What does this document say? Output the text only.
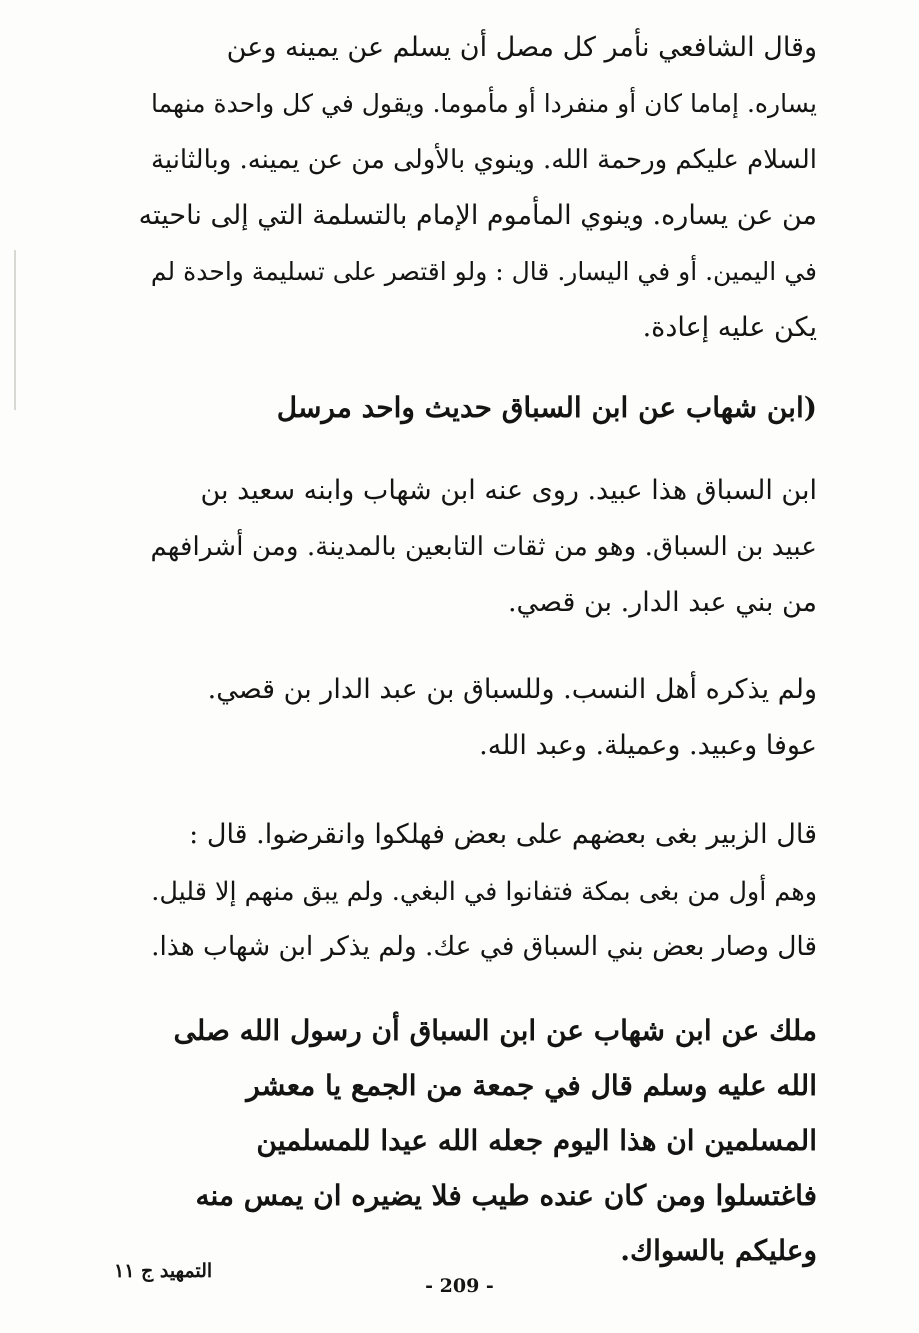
وقال الشافعي نأمر كل مصل أن يسلم عن يمينه وعن
يساره. إماما كان أو منفردا أو مأموما. ويقول في كل واحدة منهما
السلام عليكم ورحمة الله. وينوي بالأولى من عن يمينه. وبالثانية
من عن يساره. وينوي المأموم الإمام بالتسلمة التي إلى ناحيته
في اليمين. أو في اليسار. قال : ولو اقتصر على تسليمة واحدة لم
يكن عليه إعادة.
(ابن شهاب عن ابن السباق حديث واحد مرسل
ابن السباق هذا عبيد. روى عنه ابن شهاب وابنه سعيد بن
عبيد بن السباق. وهو من ثقات التابعين بالمدينة. ومن أشرافهم
من بني عبد الدار. بن قصي.
ولم يذكره أهل النسب. وللسباق بن عبد الدار بن قصي.
عوفا وعبيد. وعميلة. وعبد الله.
قال الزبير بغى بعضهم على بعض فهلكوا وانقرضوا. قال :
وهم أول من بغى بمكة فتفانوا في البغي. ولم يبق منهم إلا قليل.
قال وصار بعض بني السباق في عك. ولم يذكر ابن شهاب هذا.
ملك عن ابن شهاب عن ابن السباق أن رسول الله صلى
الله عليه وسلم قال في جمعة من الجمع يا معشر
المسلمين ان هذا اليوم جعله الله عيدا للمسلمين
فاغتسلوا ومن كان عنده طيب فلا يضيره ان يمس منه
وعليكم بالسواك.
التمهيد ج ١١
- 209 -
